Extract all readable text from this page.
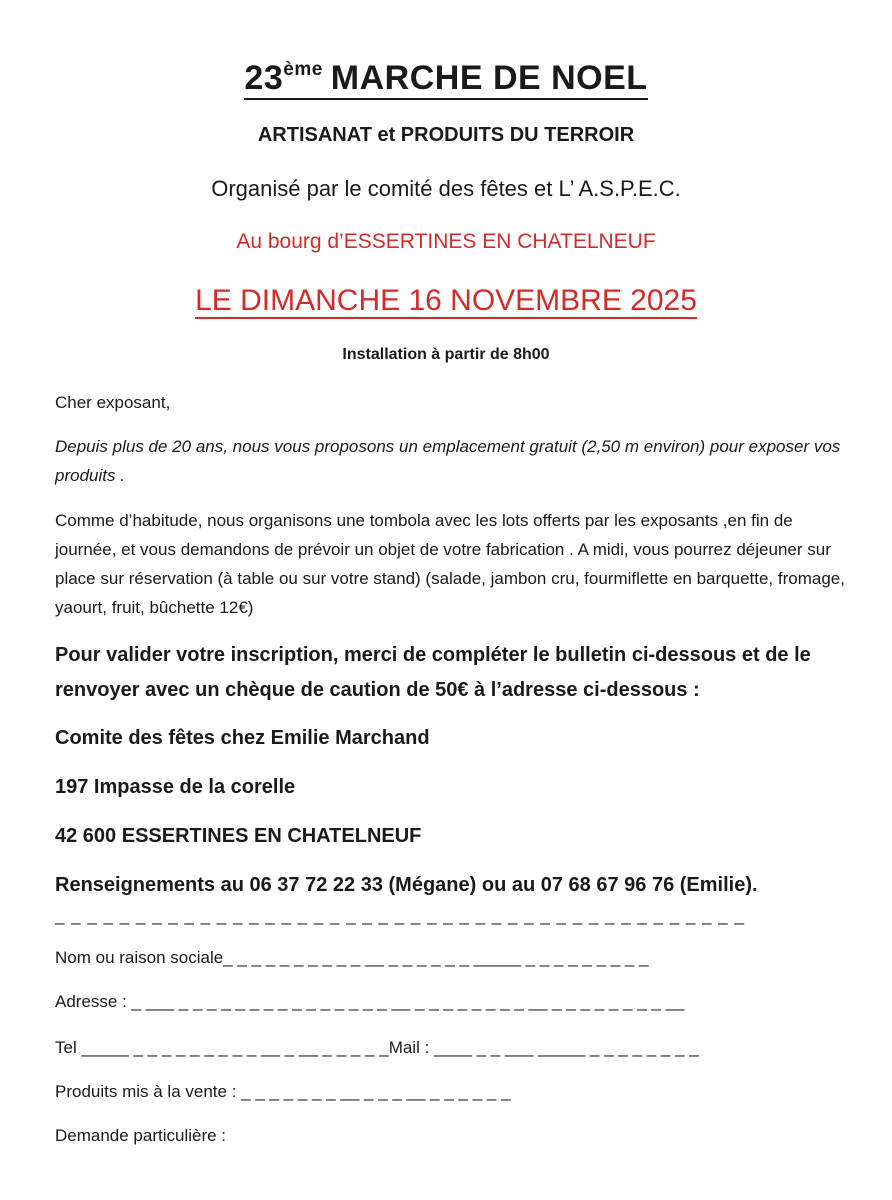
23ème MARCHE DE NOEL
ARTISANAT et PRODUITS DU TERROIR
Organisé par le comité des fêtes et L’ A.S.P.E.C.
Au bourg d’ESSERTINES EN CHATELNEUF
LE DIMANCHE 16 NOVEMBRE 2025
Installation à partir de 8h00
Cher exposant,
Depuis plus de 20 ans, nous vous proposons un emplacement gratuit (2,50 m environ) pour exposer vos produits .
Comme d’habitude, nous organisons une tombola avec les lots offerts par les exposants ,en fin de journée, et vous demandons de prévoir un objet de votre fabrication . A midi, vous pourrez déjeuner sur place sur réservation (à table ou sur votre stand) (salade, jambon cru, fourmiflette en barquette, fromage, yaourt, fruit, bûchette 12€)
Pour valider votre inscription, merci de compléter le bulletin ci-dessous et de le renvoyer avec un chèque de caution de 50€ à l’adresse ci-dessous :
Comite des fêtes chez Emilie Marchand
197 Impasse de la corelle
42 600 ESSERTINES EN CHATELNEUF
Renseignements au 06 37 72 22 33 (Mégane) ou au 07 68 67 96 76 (Emilie).
_ _ _ _ _ _ _ _ _ _ _ _ _ _ _ _ _ _ _ _ _ _ _ _ _ _ _ _ _ _ _ _ _ _ _ _ _ _ _ _ _ _ _
Nom ou raison sociale_ _ _ _ _ _ _ _ _ _ __ _ _ _ _ _ _ _____ _ _ _ _ _ _ _ _ _
Adresse : _ ___ _ _ _ _ _ _ _ _ _ _ _ _ _ _ _ __ _ _ _ _ _ _ _ _ __ _ _ _ _ _ _ _ _ __
Tel _____ _ _ _ _ _ _ _ _ _ __ _ __ _ _ _ _ _Mail : ____ _ _ ___ _____ _ _ _ _ _ _ _ _
Produits mis à la vente : _ _ _ _ _ _ _ __ _ _ _ __ _ _ _ _ _ _
Demande particulière :
